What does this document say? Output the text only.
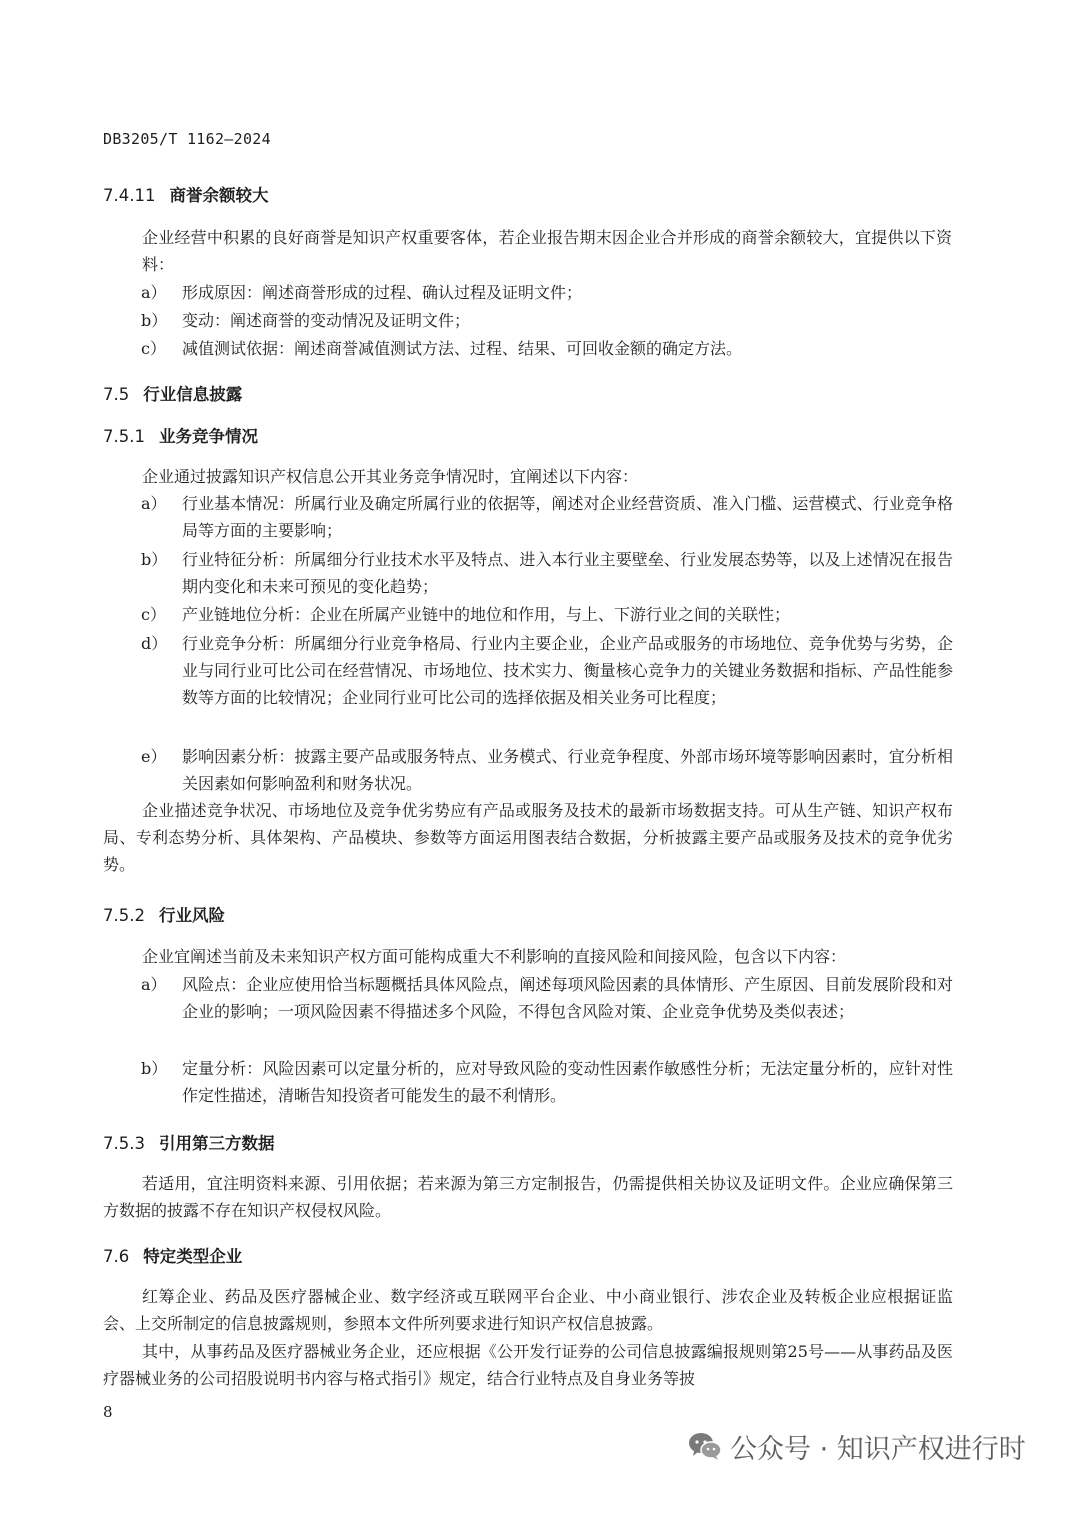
DB3205/T 1162—2024
7.4.11 商誉余额较大
企业经营中积累的良好商誉是知识产权重要客体，若企业报告期末因企业合并形成的商誉余额较大，宜提供以下资料：
a） 形成原因：阐述商誉形成的过程、确认过程及证明文件；
b） 变动：阐述商誉的变动情况及证明文件；
c）	减值测试依据：阐述商誉减值测试方法、过程、结果、可回收金额的确定方法。
7.5 行业信息披露
7.5.1 业务竞争情况
企业通过披露知识产权信息公开其业务竞争情况时，宜阐述以下内容：
a） 行业基本情况：所属行业及确定所属行业的依据等，阐述对企业经营资质、准入门槛、运营模式、行业竞争格局等方面的主要影响；
b） 行业特征分析：所属细分行业技术水平及特点、进入本行业主要壁垒、行业发展态势等，以及上述情况在报告期内变化和未来可预见的变化趋势；
c）	产业链地位分析：企业在所属产业链中的地位和作用，与上、下游行业之间的关联性；
d） 行业竞争分析：所属细分行业竞争格局、行业内主要企业，企业产品或服务的市场地位、竞争优势与劣势，企业与同行业可比公司在经营情况、市场地位、技术实力、衡量核心竞争力的关键业务数据和指标、产品性能参数等方面的比较情况；企业同行业可比公司的选择依据及相关业务可比程度；
e） 影响因素分析：披露主要产品或服务特点、业务模式、行业竞争程度、外部市场环境等影响因素时，宜分析相关因素如何影响盈利和财务状况。
企业描述竞争状况、市场地位及竞争优劣势应有产品或服务及技术的最新市场数据支持。可从生产链、知识产权布局、专利态势分析、具体架构、产品模块、参数等方面运用图表结合数据，分析披露主要产品或服务及技术的竞争优劣势。
7.5.2 行业风险
企业宜阐述当前及未来知识产权方面可能构成重大不利影响的直接风险和间接风险，包含以下内容：
a） 风险点：企业应使用恰当标题概括具体风险点，阐述每项风险因素的具体情形、产生原因、目前发展阶段和对企业的影响；一项风险因素不得描述多个风险，不得包含风险对策、企业竞争优势及类似表述；
b） 定量分析：风险因素可以定量分析的，应对导致风险的变动性因素作敏感性分析；无法定量分析的，应针对性作定性描述，清晰告知投资者可能发生的最不利情形。
7.5.3 引用第三方数据
若适用，宜注明资料来源、引用依据；若来源为第三方定制报告，仍需提供相关协议及证明文件。企业应确保第三方数据的披露不存在知识产权侵权风险。
7.6 特定类型企业
红筹企业、药品及医疗器械企业、数字经济或互联网平台企业、中小商业银行、涉农企业及转板企业应根据证监会、上交所制定的信息披露规则，参照本文件所列要求进行知识产权信息披露。
其中，从事药品及医疗器械业务企业，还应根据《公开发行证券的公司信息披露编报规则第25号——从事药品及医疗器械业务的公司招股说明书内容与格式指引》规定，结合行业特点及自身业务等披
8
公众号 · 知识产权进行时
